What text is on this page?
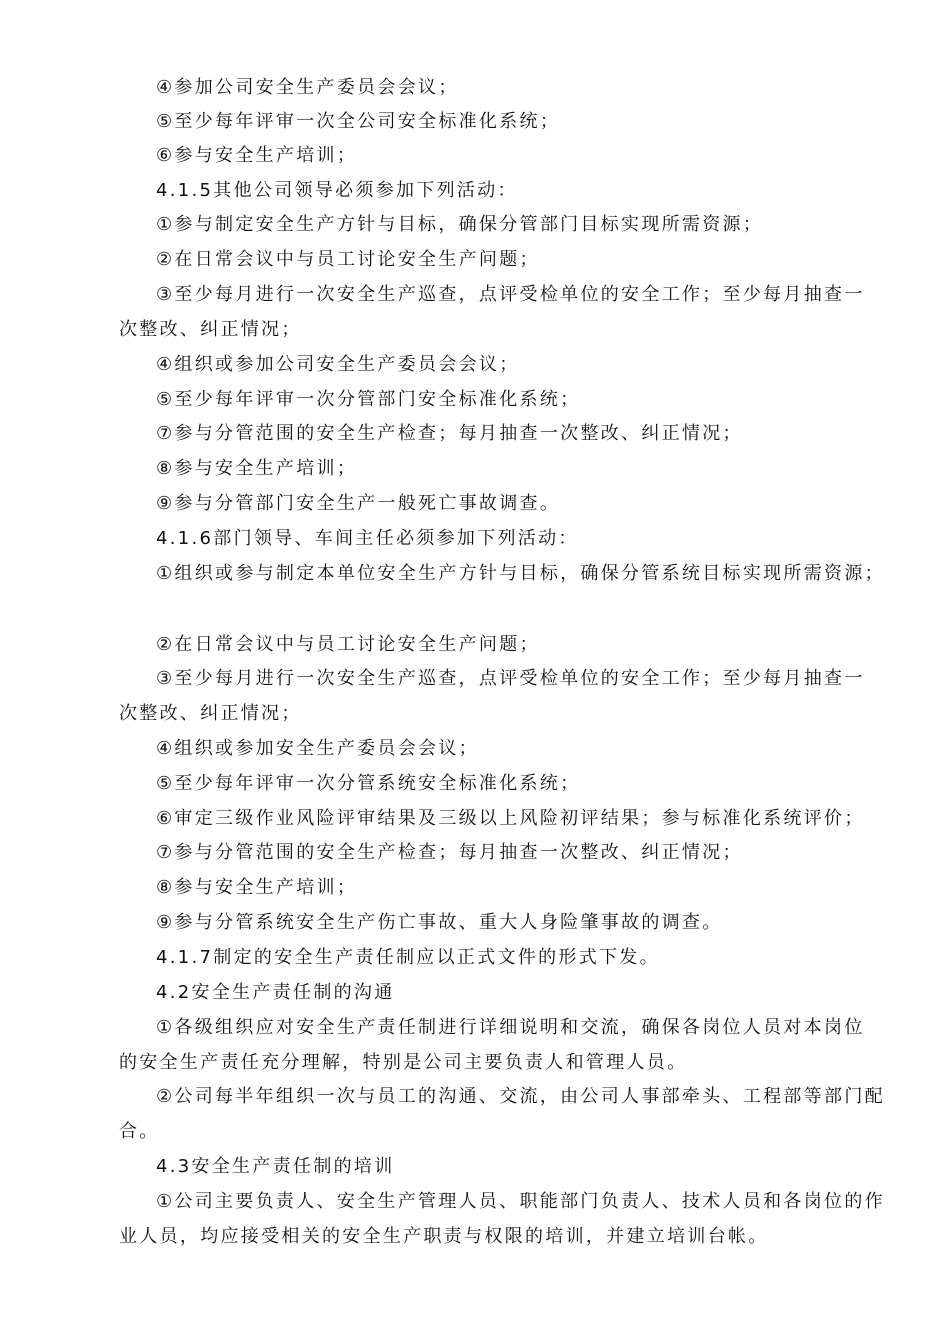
④参加公司安全生产委员会会议；
⑤至少每年评审一次全公司安全标准化系统；
⑥参与安全生产培训；
4.1.5其他公司领导必须参加下列活动：
①参与制定安全生产方针与目标，确保分管部门目标实现所需资源；
②在日常会议中与员工讨论安全生产问题；
③至少每月进行一次安全生产巡查，点评受检单位的安全工作；至少每月抽查一
次整改、纠正情况；
④组织或参加公司安全生产委员会会议；
⑤至少每年评审一次分管部门安全标准化系统；
⑦参与分管范围的安全生产检查；每月抽查一次整改、纠正情况；
⑧参与安全生产培训；
⑨参与分管部门安全生产一般死亡事故调查。
4.1.6部门领导、车间主任必须参加下列活动：
①组织或参与制定本单位安全生产方针与目标，确保分管系统目标实现所需资源；
②在日常会议中与员工讨论安全生产问题；
③至少每月进行一次安全生产巡查，点评受检单位的安全工作；至少每月抽查一
次整改、纠正情况；
④组织或参加安全生产委员会会议；
⑤至少每年评审一次分管系统安全标准化系统；
⑥审定三级作业风险评审结果及三级以上风险初评结果；参与标准化系统评价；
⑦参与分管范围的安全生产检查；每月抽查一次整改、纠正情况；
⑧参与安全生产培训；
⑨参与分管系统安全生产伤亡事故、重大人身险肇事故的调查。
4.1.7制定的安全生产责任制应以正式文件的形式下发。
4.2安全生产责任制的沟通
①各级组织应对安全生产责任制进行详细说明和交流，确保各岗位人员对本岗位
的安全生产责任充分理解，特别是公司主要负责人和管理人员。
②公司每半年组织一次与员工的沟通、交流，由公司人事部牵头、工程部等部门配
合。
4.3安全生产责任制的培训
①公司主要负责人、安全生产管理人员、职能部门负责人、技术人员和各岗位的作
业人员，均应接受相关的安全生产职责与权限的培训，并建立培训台帐。
